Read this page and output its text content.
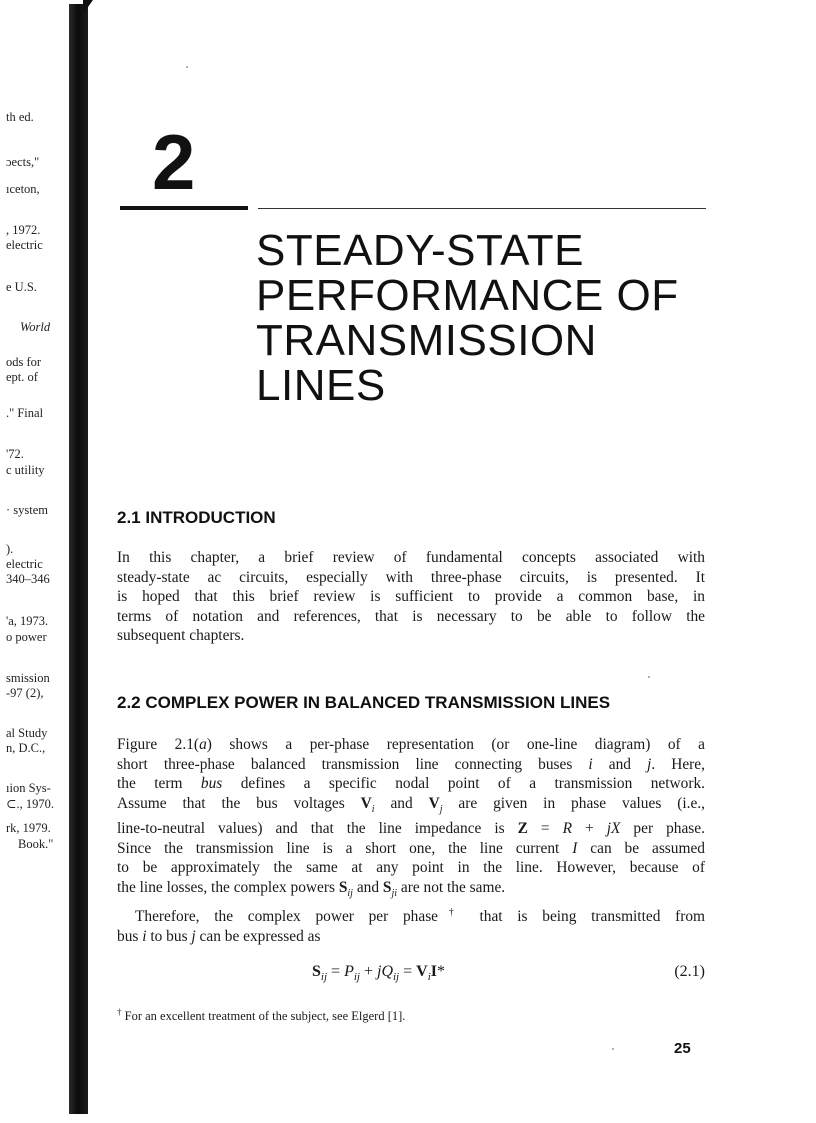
th ed.
ɔects,"
ıceton,
, 1972.
electric
e U.S.
World
ods for
ept. of
." Final
'72.
c utility
· system
).
electric
340–346
'a, 1973.
o power
smission
-97 (2),
al Study
n, D.C.,
ıion Sys-
⊂., 1970.
rk, 1979.
Book."
2
STEADY-STATE
PERFORMANCE OF
TRANSMISSION
LINES
2.1 INTRODUCTION
In this chapter, a brief review of fundamental concepts associated with
steady-state ac circuits, especially with three-phase circuits, is presented. It
is hoped that this brief review is sufficient to provide a common base, in
terms of notation and references, that is necessary to be able to follow the
subsequent chapters.
2.2 COMPLEX POWER IN BALANCED TRANSMISSION LINES
Figure 2.1(a) shows a per-phase representation (or one-line diagram) of a
short three-phase balanced transmission line connecting buses i and j. Here,
the term bus defines a specific nodal point of a transmission network.
Assume that the bus voltages $V_i$ and $V_j$ are given in phase values (i.e.,
line-to-neutral values) and that the line impedance is Z = R + jX per phase.
Since the transmission line is a short one, the line current I can be assumed
to be approximately the same at any point in the line. However, because of
the line losses, the complex powers $S_{ij}$ and $S_{ji}$ are not the same.
Therefore, the complex power per phase† that is being transmitted from
bus i to bus j can be expressed as
$S_{ij} = P_{ij} + jQ_{ij} = V_iI*$	(2.1)
† For an excellent treatment of the subject, see Elgerd [1].
25
